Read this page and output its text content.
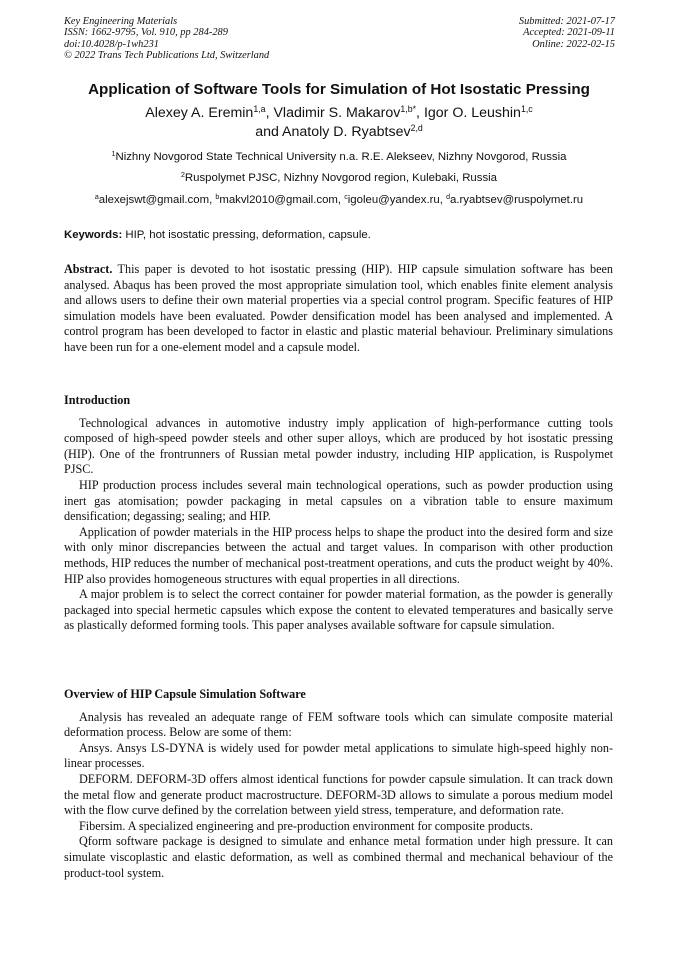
Key Engineering Materials
ISSN: 1662-9795, Vol. 910, pp 284-289
doi:10.4028/p-1wh231
© 2022 Trans Tech Publications Ltd, Switzerland
Submitted: 2021-07-17
Accepted: 2021-09-11
Online: 2022-02-15
Application of Software Tools for Simulation of Hot Isostatic Pressing
Alexey A. Eremin$^{1,a}$, Vladimir S. Makarov$^{1,b*}$, Igor O. Leushin$^{1,c}$
and Anatoly D. Ryabtsev$^{2,d}$
$^1$Nizhny Novgorod State Technical University n.a. R.E. Alekseev, Nizhny Novgorod, Russia
$^2$Ruspolymet PJSC, Nizhny Novgorod region, Kulebaki, Russia
$^a$alexejswt@gmail.com, $^b$makvl2010@gmail.com, $^c$igoleu@yandex.ru, $^d$a.ryabtsev@ruspolymet.ru
Keywords: HIP, hot isostatic pressing, deformation, capsule.

Abstract. This paper is devoted to hot isostatic pressing (HIP). HIP capsule simulation software has been analysed. Abaqus has been proved the most appropriate simulation tool, which enables finite element analysis and allows users to define their own material properties via a special control program. Specific features of HIP simulation models have been evaluated. Powder densification model has been analysed and implemented. A control program has been developed to factor in elastic and plastic material behaviour. Preliminary simulations have been run for a one-element model and a capsule model.

Introduction

Technological advances in automotive industry imply application of high-performance cutting tools composed of high-speed powder steels and other super alloys, which are produced by hot isostatic pressing (HIP). One of the frontrunners of Russian metal powder industry, including HIP application, is Ruspolymet PJSC.

HIP production process includes several main technological operations, such as powder production using inert gas atomisation; powder packaging in metal capsules on a vibration table to ensure maximum densification; degassing; sealing; and HIP.

Application of powder materials in the HIP process helps to shape the product into the desired form and size with only minor discrepancies between the actual and target values. In comparison with other production methods, HIP reduces the number of mechanical post-treatment operations, and cuts the product weight by 40%. HIP also provides homogeneous structures with equal properties in all directions.

A major problem is to select the correct container for powder material formation, as the powder is generally packaged into special hermetic capsules which expose the content to elevated temperatures and basically serve as plastically deformed forming tools. This paper analyses available software for capsule simulation.

Overview of HIP Capsule Simulation Software

Analysis has revealed an adequate range of FEM software tools which can simulate composite material deformation process. Below are some of them:

Ansys. Ansys LS-DYNA is widely used for powder metal applications to simulate high-speed highly non-linear processes.

DEFORM. DEFORM-3D offers almost identical functions for powder capsule simulation. It can track down the metal flow and generate product macrostructure. DEFORM-3D allows to simulate a porous medium model with the flow curve defined by the correlation between yield stress, temperature, and deformation rate.

Fibersim. A specialized engineering and pre-production environment for composite products.

Qform software package is designed to simulate and enhance metal formation under high pressure. It can simulate viscoplastic and elastic deformation, as well as combined thermal and mechanical behaviour of the product-tool system.
